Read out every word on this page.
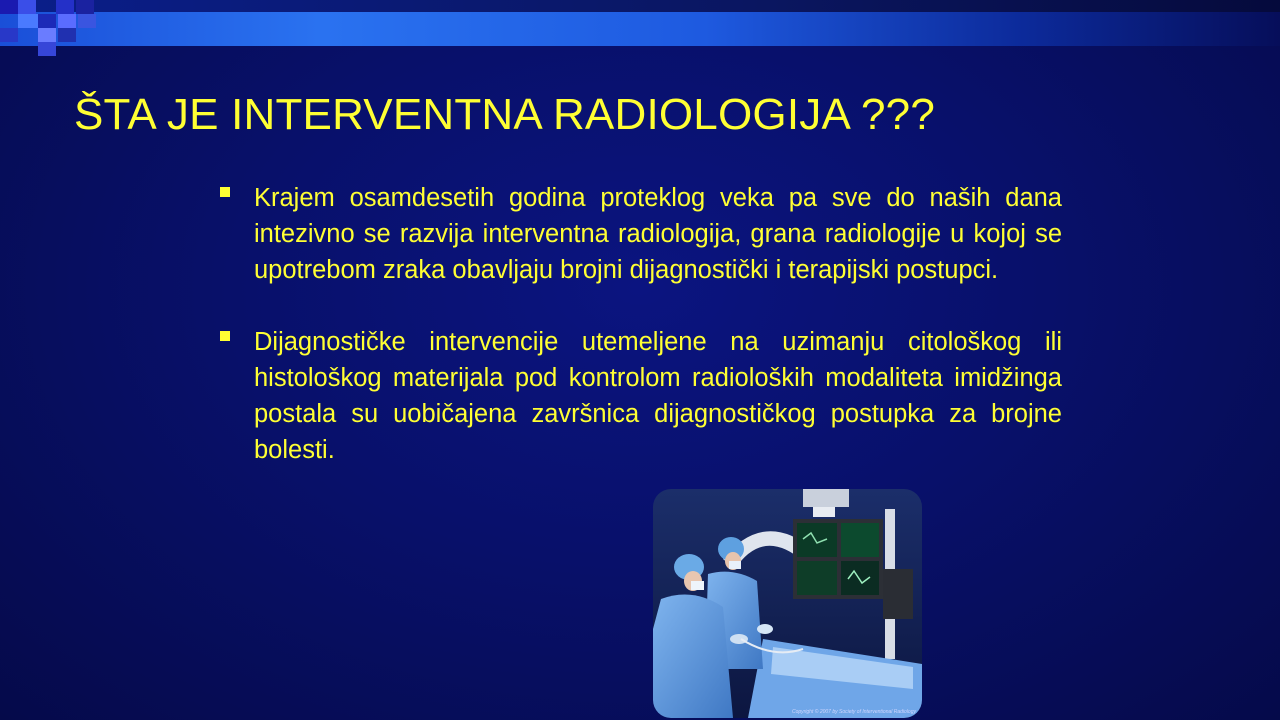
ŠTA JE INTERVENTNA RADIOLOGIJA ???

Krajem osamdesetih godina proteklog veka pa sve do naših dana intezivno se razvija interventna radiologija, grana radiologije u kojoj se upotrebom zraka obavljaju brojni dijagnostički i terapijski postupci.

Dijagnostičke intervencije utemeljene na uzimanju citološkog ili histološkog materijala pod kontrolom radioloških modaliteta imidžinga postala su uobičajena završnica dijagnostičkog postupka za brojne bolesti.

Copyright © 2007 by Society of Interventional Radiology
